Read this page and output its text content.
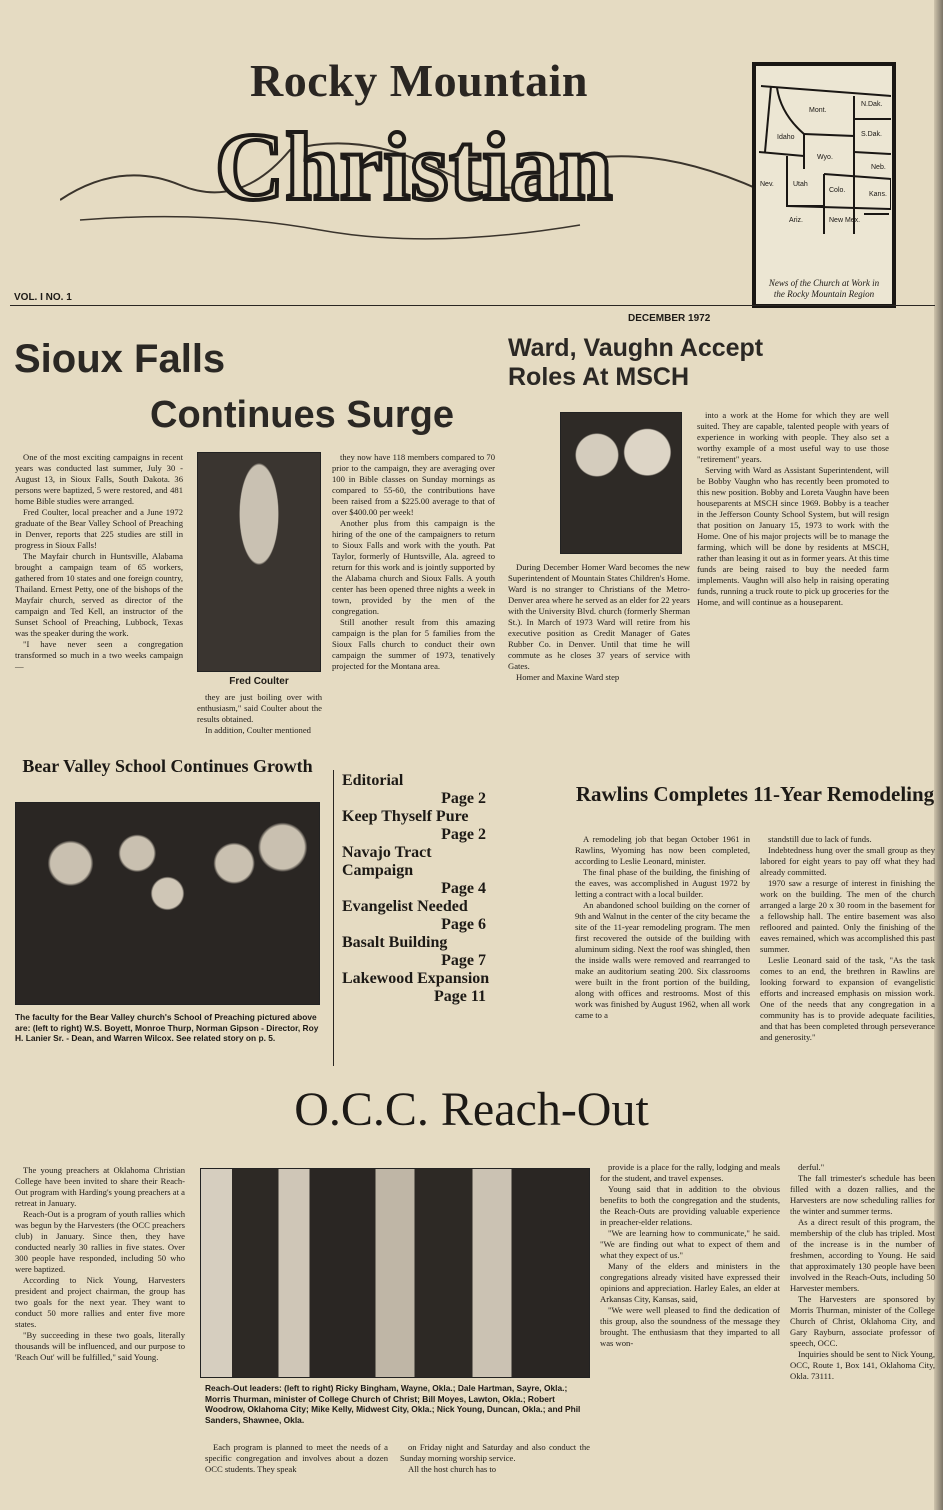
Rocky Mountain
Christian
Mont.
N.Dak.
Idaho	S.Dak.
Wyo.
Neb.
Nev.	Utah
Colo.
Kans.
Ariz.	New Mex.
News of the Church at Work in the Rocky Mountain Region
VOL. I NO. 1
DECEMBER 1972
Sioux Falls
Continues Surge

One of the most exciting campaigns in recent years was conducted last summer, July 30 - August 13, in Sioux Falls, South Dakota. 36 persons were baptized, 5 were restored, and 481 home Bible studies were arranged.

Fred Coulter, local preacher and a June 1972 graduate of the Bear Valley School of Preaching in Denver, reports that 225 studies are still in progress in Sioux Falls!

The Mayfair church in Huntsville, Alabama brought a campaign team of 65 workers, gathered from 10 states and one foreign country, Thailand. Ernest Petty, one of the bishops of the Mayfair church, served as director of the campaign and Ted Kell, an instructor of the Sunset School of Preaching, Lubbock, Texas was the speaker during the work.

"I have never seen a congregation transformed so much in a two weeks campaign —

Fred Coulter

they are just boiling over with enthusiasm," said Coulter about the results obtained.

In addition, Coulter mentioned

they now have 118 members compared to 70 prior to the campaign, they are averaging over 100 in Bible classes on Sunday mornings as compared to 55-60, the contributions have been raised from a $225.00 average to that of over $400.00 per week!

Another plus from this campaign is the hiring of the one of the campaigners to return to Sioux Falls and work with the youth. Pat Taylor, formerly of Huntsville, Ala. agreed to return for this work and is jointly supported by the Alabama church and Sioux Falls. A youth center has been opened three nights a week in town, provided by the men of the congregation.

Still another result from this amazing campaign is the plan for 5 families from the Sioux Falls church to conduct their own campaign the summer of 1973, tenatively projected for the Montana area.

Ward, Vaughn Accept Roles At MSCH

During December Homer Ward becomes the new Superintendent of Mountain States Children's Home. Ward is no stranger to Christians of the Metro-Denver area where he served as an elder for 22 years with the University Blvd. church (formerly Sherman St.). In March of 1973 Ward will retire from his executive position as Credit Manager of Gates Rubber Co. in Denver. Until that time he will commute as he closes 37 years of service with Gates.

Homer and Maxine Ward step

into a work at the Home for which they are well suited. They are capable, talented people with years of experience in working with people. They also set a worthy example of a most useful way to use those "retirement" years.

Serving with Ward as Assistant Superintendent, will be Bobby Vaughn who has recently been promoted to this new position. Bobby and Loreta Vaughn have been houseparents at MSCH since 1969. Bobby is a teacher in the Jefferson County School System, but will resign that position on January 15, 1973 to work with the Home. One of his major projects will be to manage the farming, which will be done by residents at MSCH, rather than leasing it out as in former years. At this time funds are being raised to buy the needed farm implements. Vaughn will also help in raising operating funds, running a truck route to pick up groceries for the Home, and will continue as a houseparent.

Bear Valley School Continues Growth
The faculty for the Bear Valley church's School of Preaching pictured above are: (left to right) W.S. Boyett, Monroe Thurp, Norman Gipson - Director, Roy H. Lanier Sr. - Dean, and Warren Wilcox. See related story on p. 5.
Editorial
Page 2
Keep Thyself Pure
Page 2
Navajo Tract Campaign
Page 4
Evangelist Needed
Page 6
Basalt Building
Page 7
Lakewood Expansion
Page 11
Rawlins Completes 11-Year Remodeling

A remodeling job that began October 1961 in Rawlins, Wyoming has now been completed, according to Leslie Leonard, minister.

The final phase of the building, the finishing of the eaves, was accomplished in August 1972 by letting a contract with a local builder.

An abandoned school building on the corner of 9th and Walnut in the center of the city became the site of the 11-year remodeling program. The men first recovered the outside of the building with aluminum siding. Next the roof was shingled, then the inside walls were removed and rearranged to make an auditorium seating 200. Six classrooms were built in the front portion of the building, along with offices and restrooms. Most of this work was finished by August 1962, when all work came to a

standstill due to lack of funds.

Indebtedness hung over the small group as they labored for eight years to pay off what they had already committed.

1970 saw a resurge of interest in finishing the work on the building. The men of the church arranged a large 20 x 30 room in the basement for a fellowship hall. The entire basement was also refloored and painted. Only the finishing of the eaves remained, which was accomplished this past summer.

Leslie Leonard said of the task, "As the task comes to an end, the brethren in Rawlins are looking forward to expansion of evangelistic efforts and increased emphasis on mission work. One of the needs that any congregation in a community has is to provide adequate facilities, and that has been completed through perseverance and generosity."

O.C.C. Reach-Out

The young preachers at Oklahoma Christian College have been invited to share their Reach-Out program with Harding's young preachers at a retreat in January.

Reach-Out is a program of youth rallies which was begun by the Harvesters (the OCC preachers club) in January. Since then, they have conducted nearly 30 rallies in five states. Over 300 people have responded, including 50 who were baptized.

According to Nick Young, Harvesters president and project chairman, the group has two goals for the next year. They want to conduct 50 more rallies and enter five more states.

"By succeeding in these two goals, literally thousands will be influenced, and our purpose to 'Reach Out' will be fulfilled," said Young.

Reach-Out leaders: (left to right) Ricky Bingham, Wayne, Okla.; Dale Hartman, Sayre, Okla.; Morris Thurman, minister of College Church of Christ; Bill Moyes, Lawton, Okla.; Robert Woodrow, Oklahoma City; Mike Kelly, Midwest City, Okla.; Nick Young, Duncan, Okla.; and Phil Sanders, Shawnee, Okla.

Each program is planned to meet the needs of a specific congregation and involves about a dozen OCC students. They speak

on Friday night and Saturday and also conduct the Sunday morning worship service.

All the host church has to

provide is a place for the rally, lodging and meals for the student, and travel expenses.

Young said that in addition to the obvious benefits to both the congregation and the students, the Reach-Outs are providing valuable experience in preacher-elder relations.

"We are learning how to communicate," he said. "We are finding out what to expect of them and what they expect of us."

Many of the elders and ministers in the congregations already visited have expressed their opinions and appreciation. Harley Eales, an elder at Arkansas City, Kansas, said,

"We were well pleased to find the dedication of this group, also the soundness of the message they brought. The enthusiasm that they imparted to all was won-

derful."

The fall trimester's schedule has been filled with a dozen rallies, and the Harvesters are now scheduling rallies for the winter and summer terms.

As a direct result of this program, the membership of the club has tripled. Most of the increase is in the number of freshmen, according to Young. He said that approximately 130 people have been involved in the Reach-Outs, including 50 Harvester members.

The Harvesters are sponsored by Morris Thurman, minister of the College Church of Christ, Oklahoma City, and Gary Rayburn, associate professor of speech, OCC.

Inquiries should be sent to Nick Young, OCC, Route 1, Box 141, Oklahoma City, Okla. 73111.
